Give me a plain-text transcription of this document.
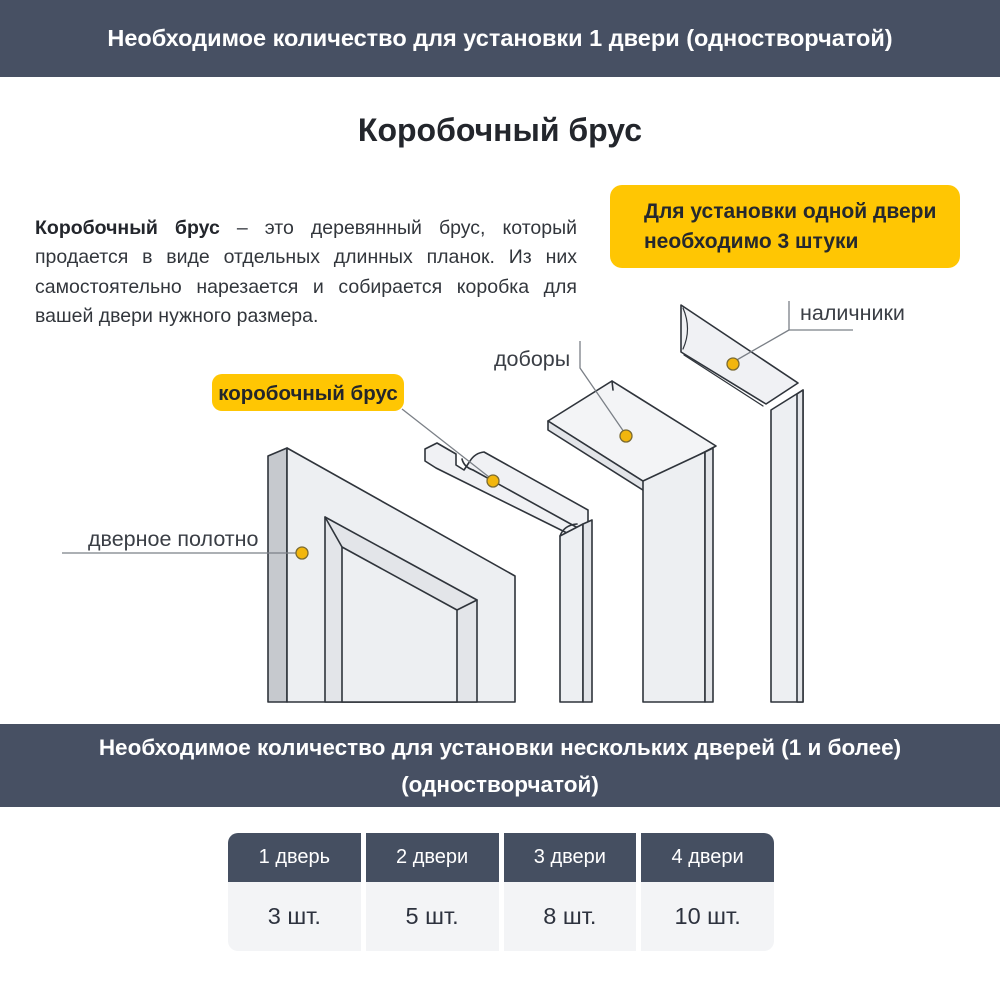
Необходимое количество для установки 1 двери (одностворчатой)
Коробочный брус

Коробочный брус – это деревянный брус, который продается в виде отдельных длинных планок. Из них самостоятельно нарезается и собирается коробка для вашей двери нужного размера.

Для установки одной двери
необходимо 3 штуки
дверное полотно
доборы
наличники
коробочный брус
Необходимое количество для установки нескольких дверей (1 и более)
(одностворчатой)
1 дверь
3 шт.
2 двери
5 шт.
3 двери
8 шт.
4 двери
10 шт.
